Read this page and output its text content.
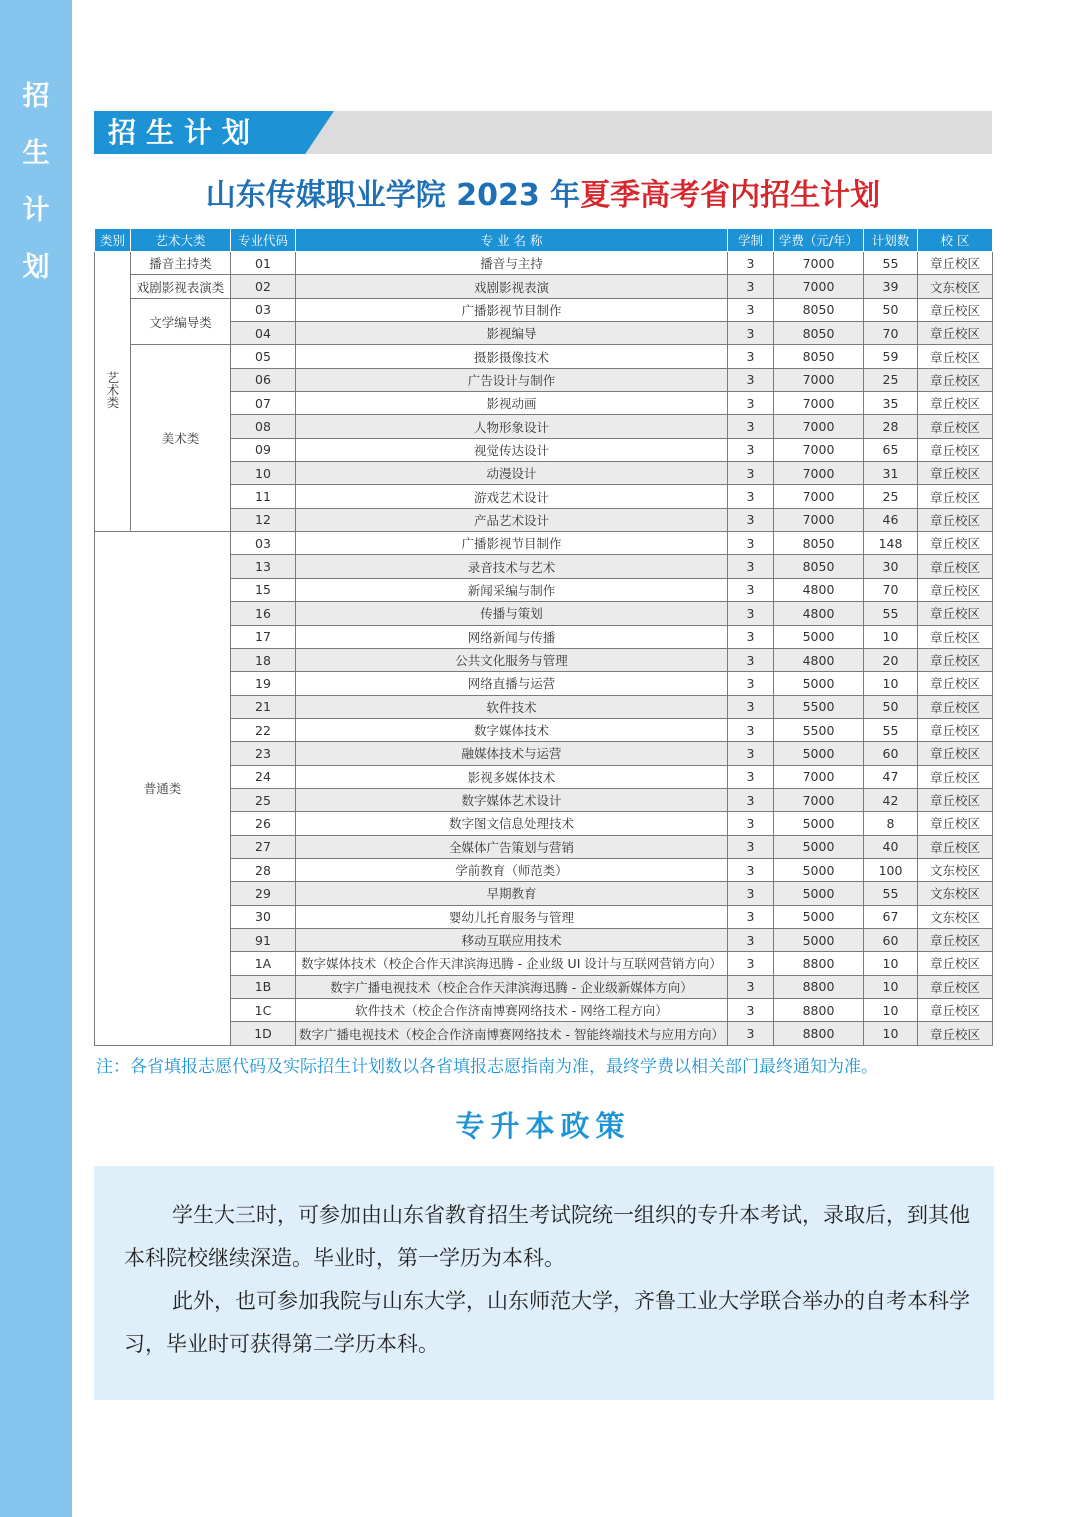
招
生
计
划
招生计划
山东传媒职业学院 2023 年夏季高考省内招生计划
类别	艺术大类	专业代码	专 业 名 称	学制	学费（元/年）	计划数	校 区
艺术类	播音主持类	01	播音与主持	3	7000	55	章丘校区
	戏剧影视表演类	02	戏剧影视表演	3	7000	39	文东校区
	文学编导类	03	广播影视节目制作	3	8050	50	章丘校区
		04	影视编导	3	8050	70	章丘校区
	美术类	05	摄影摄像技术	3	8050	59	章丘校区
		06	广告设计与制作	3	7000	25	章丘校区
		07	影视动画	3	7000	35	章丘校区
		08	人物形象设计	3	7000	28	章丘校区
		09	视觉传达设计	3	7000	65	章丘校区
		10	动漫设计	3	7000	31	章丘校区
		11	游戏艺术设计	3	7000	25	章丘校区
		12	产品艺术设计	3	7000	46	章丘校区
普通类		03	广播影视节目制作	3	8050	148	章丘校区
		13	录音技术与艺术	3	8050	30	章丘校区
		15	新闻采编与制作	3	4800	70	章丘校区
		16	传播与策划	3	4800	55	章丘校区
		17	网络新闻与传播	3	5000	10	章丘校区
		18	公共文化服务与管理	3	4800	20	章丘校区
		19	网络直播与运营	3	5000	10	章丘校区
		21	软件技术	3	5500	50	章丘校区
		22	数字媒体技术	3	5500	55	章丘校区
		23	融媒体技术与运营	3	5000	60	章丘校区
		24	影视多媒体技术	3	7000	47	章丘校区
		25	数字媒体艺术设计	3	7000	42	章丘校区
		26	数字图文信息处理技术	3	5000	8	章丘校区
		27	全媒体广告策划与营销	3	5000	40	章丘校区
		28	学前教育（师范类）	3	5000	100	文东校区
		29	早期教育	3	5000	55	文东校区
		30	婴幼儿托育服务与管理	3	5000	67	文东校区
		91	移动互联应用技术	3	5000	60	章丘校区
		1A	数字媒体技术（校企合作天津滨海迅腾 - 企业级 UI 设计与互联网营销方向）	3	8800	10	章丘校区
		1B	数字广播电视技术（校企合作天津滨海迅腾 - 企业级新媒体方向）	3	8800	10	章丘校区
		1C	软件技术（校企合作济南博赛网络技术 - 网络工程方向）	3	8800	10	章丘校区
		1D	数字广播电视技术（校企合作济南博赛网络技术 - 智能终端技术与应用方向）	3	8800	10	章丘校区
注：各省填报志愿代码及实际招生计划数以各省填报志愿指南为准，最终学费以相关部门最终通知为准。
专升本政策

学生大三时，可参加由山东省教育招生考试院统一组织的专升本考试，录取后，到其他本科院校继续深造。毕业时，第一学历为本科。

此外，也可参加我院与山东大学，山东师范大学，齐鲁工业大学联合举办的自考本科学习，毕业时可获得第二学历本科。
